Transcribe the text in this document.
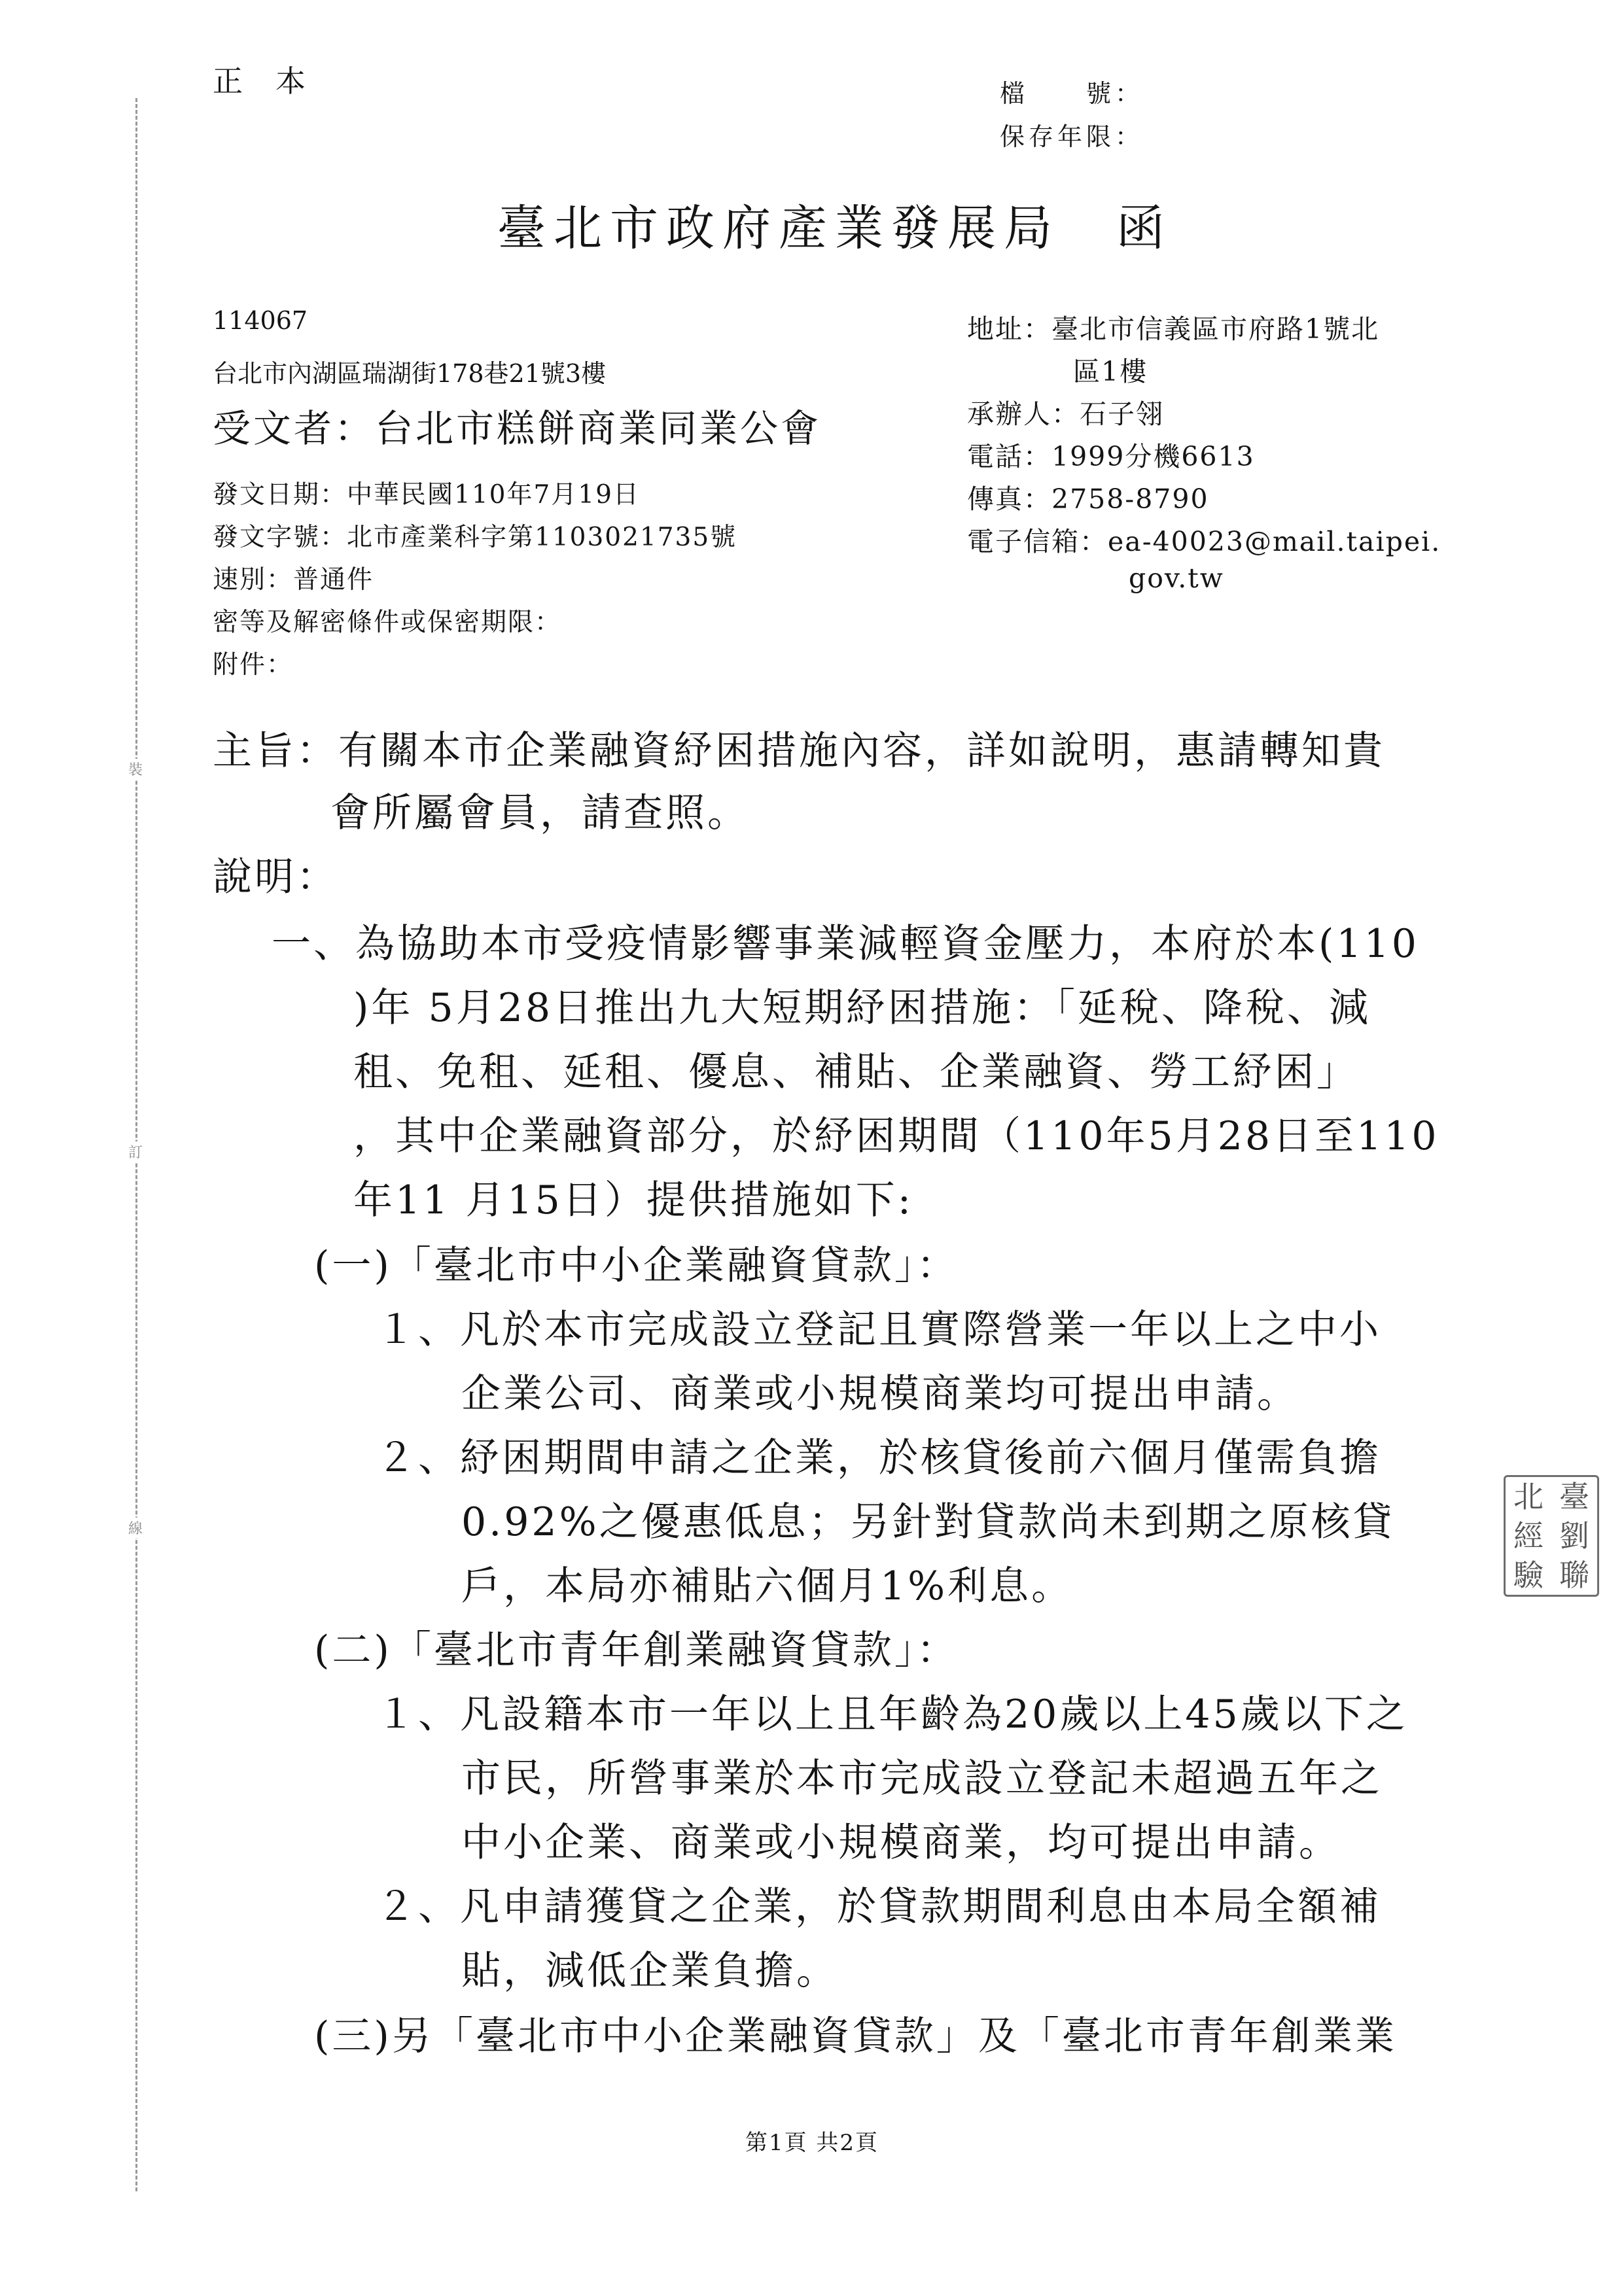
裝
訂
線
正本	檔　　號：
保存年限：
臺北市政府產業發展局　函
114067
台北市內湖區瑞湖街178巷21號3樓
受文者：台北市糕餅商業同業公會
地址：臺北市信義區市府路1號北
區1樓
承辦人：石子翎
電話：1999分機6613
傳真：2758-8790
電子信箱：ea-40023@mail.taipei.
gov.tw
發文日期：中華民國110年7月19日
發文字號：北市產業科字第1103021735號
速別：普通件
密等及解密條件或保密期限：
附件：
主旨：有關本市企業融資紓困措施內容，詳如說明，惠請轉知貴
會所屬會員，請查照。
說明：
一、為協助本市受疫情影響事業減輕資金壓力，本府於本(110
)年 5月28日推出九大短期紓困措施：「延稅、降稅、減
租、免租、延租、優息、補貼、企業融資、勞工紓困」
，其中企業融資部分，於紓困期間（110年5月28日至110
年11 月15日）提供措施如下:
(一)「臺北市中小企業融資貸款」：
１、凡於本市完成設立登記且實際營業一年以上之中小
企業公司、商業或小規模商業均可提出申請。
２、紓困期間申請之企業，於核貸後前六個月僅需負擔
0.92%之優惠低息；另針對貸款尚未到期之原核貸
戶，本局亦補貼六個月1%利息。
(二)「臺北市青年創業融資貸款」：
１、凡設籍本市一年以上且年齡為20歲以上45歲以下之
市民，所營事業於本市完成設立登記未超過五年之
中小企業、商業或小規模商業，均可提出申請。
２、凡申請獲貸之企業，於貸款期間利息由本局全額補
貼，減低企業負擔。
(三)另「臺北市中小企業融資貸款」及「臺北市青年創業業
北 臺
經 劉
驗 聯
第1頁 共2頁
